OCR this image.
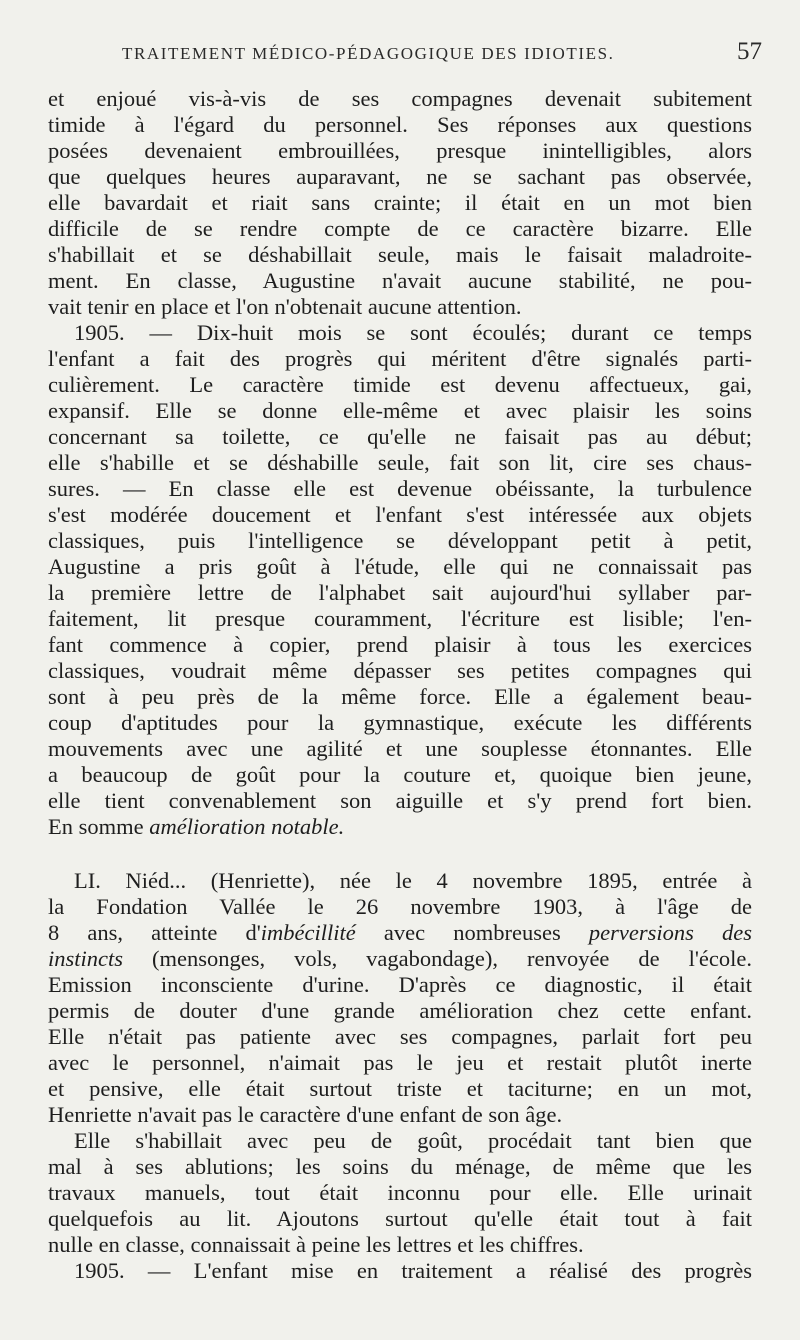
TRAITEMENT MÉDICO-PÉDAGOGIQUE DES IDIOTIES.	57

et enjoué vis-à-vis de ses compagnes devenait subitement

timide à l'égard du personnel. Ses réponses aux questions

posées devenaient embrouillées, presque inintelligibles, alors

que quelques heures auparavant, ne se sachant pas observée,

elle bavardait et riait sans crainte; il était en un mot bien

difficile de se rendre compte de ce caractère bizarre. Elle

s'habillait et se déshabillait seule, mais le faisait maladroite-

ment. En classe, Augustine n'avait aucune stabilité, ne pou-

vait tenir en place et l'on n'obtenait aucune attention.

1905. — Dix-huit mois se sont écoulés; durant ce temps

l'enfant a fait des progrès qui méritent d'être signalés parti-

culièrement. Le caractère timide est devenu affectueux, gai,

expansif. Elle se donne elle-même et avec plaisir les soins

concernant sa toilette, ce qu'elle ne faisait pas au début;

elle s'habille et se déshabille seule, fait son lit, cire ses chaus-

sures. — En classe elle est devenue obéissante, la turbulence

s'est modérée doucement et l'enfant s'est intéressée aux objets

classiques, puis l'intelligence se développant petit à petit,

Augustine a pris goût à l'étude, elle qui ne connaissait pas

la première lettre de l'alphabet sait aujourd'hui syllaber par-

faitement, lit presque couramment, l'écriture est lisible; l'en-

fant commence à copier, prend plaisir à tous les exercices

classiques, voudrait même dépasser ses petites compagnes qui

sont à peu près de la même force. Elle a également beau-

coup d'aptitudes pour la gymnastique, exécute les différents

mouvements avec une agilité et une souplesse étonnantes. Elle

a beaucoup de goût pour la couture et, quoique bien jeune,

elle tient convenablement son aiguille et s'y prend fort bien.

En somme amélioration notable.

LI. Niéd... (Henriette), née le 4 novembre 1895, entrée à

la Fondation Vallée le 26 novembre 1903, à l'âge de

8 ans, atteinte d'imbécillité avec nombreuses perversions des

instincts (mensonges, vols, vagabondage), renvoyée de l'école.

Emission inconsciente d'urine. D'après ce diagnostic, il était

permis de douter d'une grande amélioration chez cette enfant.

Elle n'était pas patiente avec ses compagnes, parlait fort peu

avec le personnel, n'aimait pas le jeu et restait plutôt inerte

et pensive, elle était surtout triste et taciturne; en un mot,

Henriette n'avait pas le caractère d'une enfant de son âge.

Elle s'habillait avec peu de goût, procédait tant bien que

mal à ses ablutions; les soins du ménage, de même que les

travaux manuels, tout était inconnu pour elle. Elle urinait

quelquefois au lit. Ajoutons surtout qu'elle était tout à fait

nulle en classe, connaissait à peine les lettres et les chiffres.

1905. — L'enfant mise en traitement a réalisé des progrès
